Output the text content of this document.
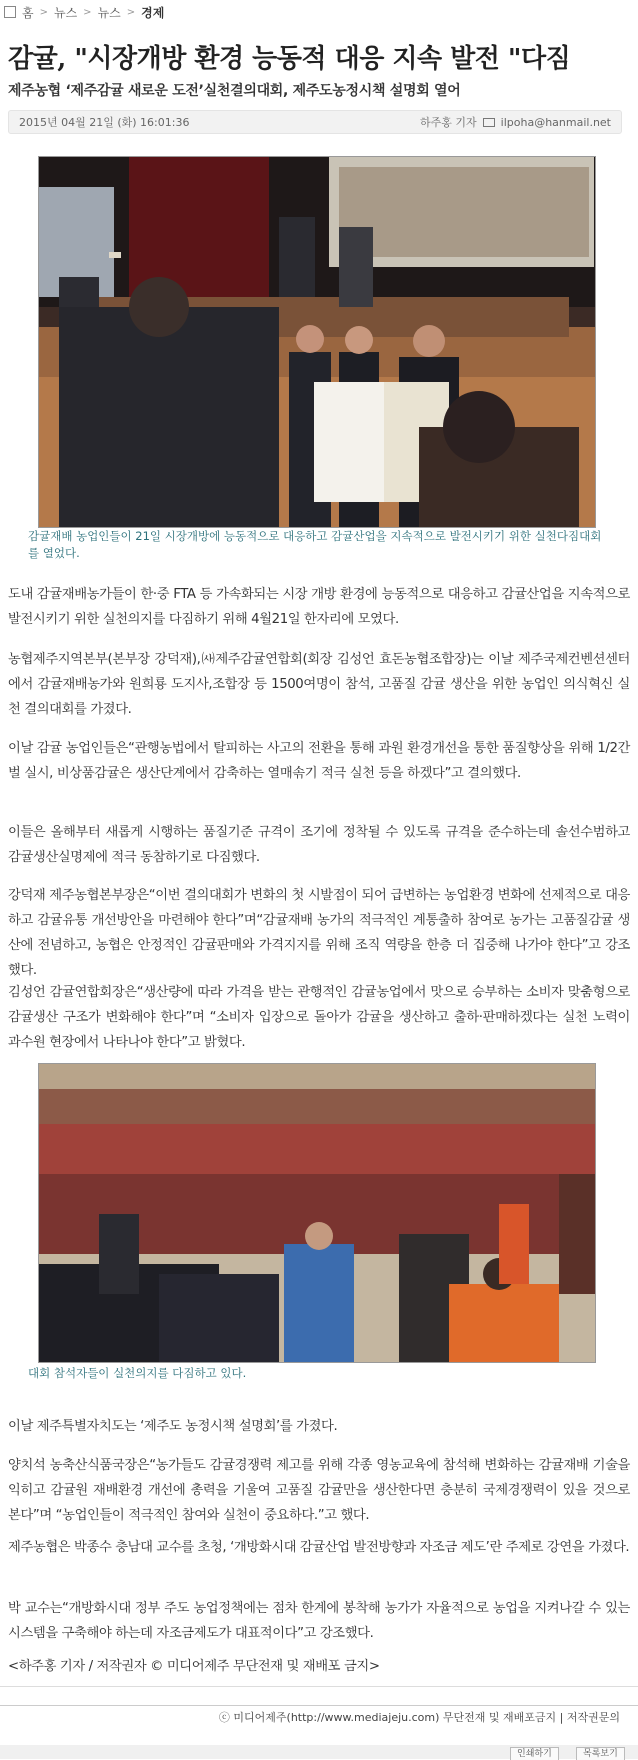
홈 > 뉴스 > 뉴스 > 경제
감귤, "시장개방 환경 능동적 대응 지속 발전 "다짐
제주농협 ‘제주감귤 새로운 도전’실천결의대회, 제주도농정시책 설명회 열어
2015년 04월 21일 (화) 16:01:36	하주홍 기자 ilpoha@hanmail.net
감귤재배 농업인들이 21일 시장개방에 능동적으로 대응하고 감귤산업을 지속적으로 발전시키기 위한 실천다짐대회를 열었다.

도내 감귤재배농가들이 한·중 FTA 등 가속화되는 시장 개방 환경에 능동적으로 대응하고 감귤산업을 지속적으로 발전시키기 위한 실천의지를 다짐하기 위해 4월21일 한자리에 모였다.

농협제주지역본부(본부장 강덕재),㈔제주감귤연합회(회장 김성언 효돈농협조합장)는 이날 제주국제컨벤션센터에서 감귤재배농가와 원희룡 도지사,조합장 등 1500여명이 참석, 고품질 감귤 생산을 위한 농업인 의식혁신 실천 결의대회를 가졌다.

이날 감귤 농업인들은“관행농법에서 탈피하는 사고의 전환을 통해 과원 환경개선을 통한 품질향상을 위해 1/2간벌 실시, 비상품감귤은 생산단계에서 감축하는 열매솎기 적극 실천 등을 하겠다”고 결의했다.

이들은 올해부터 새롭게 시행하는 품질기준 규격이 조기에 정착될 수 있도록 규격을 준수하는데 솔선수범하고 감귤생산실명제에 적극 동참하기로 다짐했다.

강덕재 제주농협본부장은“이번 결의대회가 변화의 첫 시발점이 되어 급변하는 농업환경 변화에 선제적으로 대응하고 감귤유통 개선방안을 마련해야 한다”며“감귤재배 농가의 적극적인 계통출하 참여로 농가는 고품질감귤 생산에 전념하고, 농협은 안정적인 감귤판매와 가격지지를 위해 조직 역량을 한층 더 집중해 나가야 한다”고 강조했다.

김성언 감귤연합회장은“생산량에 따라 가격을 받는 관행적인 감귤농업에서 맛으로 승부하는 소비자 맞춤형으로 감귤생산 구조가 변화해야 한다”며 “소비자 입장으로 돌아가 감귤을 생산하고 출하·판매하겠다는 실천 노력이 과수원 현장에서 나타나야 한다”고 밝혔다.

대회 참석자들이 실천의지를 다짐하고 있다.

이날 제주특별자치도는 ‘제주도 농정시책 설명회’를 가졌다.

양치석 농축산식품국장은“농가들도 감귤경쟁력 제고를 위해 각종 영농교육에 참석해 변화하는 감귤재배 기술을 익히고 감귤원 재배환경 개선에 총력을 기울여 고품질 감귤만을 생산한다면 충분히 국제경쟁력이 있을 것으로 본다”며 “농업인들이 적극적인 참여와 실천이 중요하다.”고 했다.

제주농협은 박종수 충남대 교수를 초청, ‘개방화시대 감귤산업 발전방향과 자조금 제도’란 주제로 강연을 가졌다.

박 교수는“개방화시대 정부 주도 농업정책에는 점차 한계에 봉착해 농가가 자율적으로 농업을 지켜나갈 수 있는 시스템을 구축해야 하는데 자조금제도가 대표적이다”고 강조했다.

<하주홍 기자 / 저작권자 © 미디어제주 무단전재 및 재배포 금지>

ⓒ 미디어제주(http://www.mediajeju.com) 무단전재 및 재배포금지 | 저작권문의
인쇄하기	목록보기
